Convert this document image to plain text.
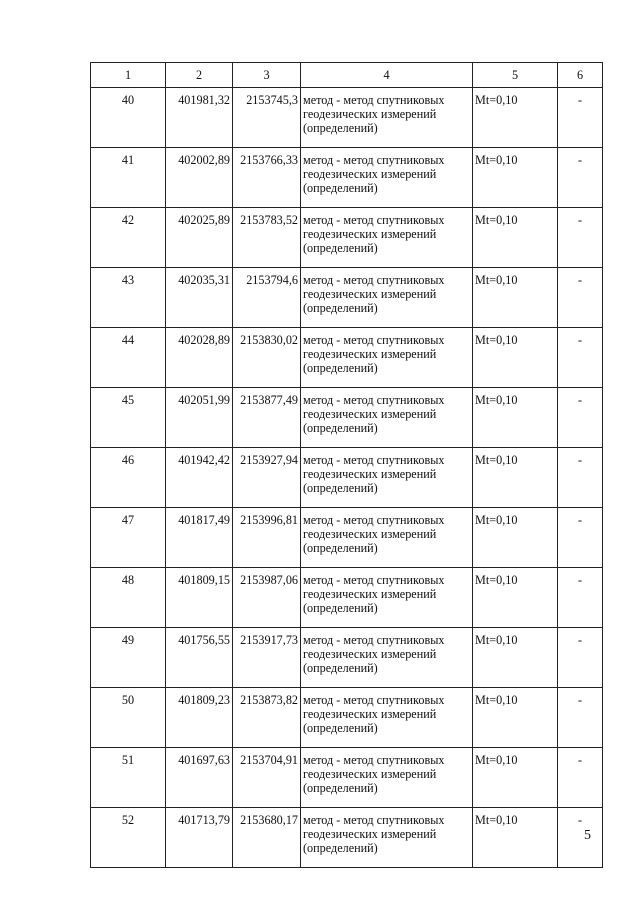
1	2	3	4	5	6
40	401981,32	2153745,3	метод - метод спутниковых геодезических измерений (определений)	Mt=0,10	-
41	402002,89	2153766,33	метод - метод спутниковых геодезических измерений (определений)	Mt=0,10	-
42	402025,89	2153783,52	метод - метод спутниковых геодезических измерений (определений)	Mt=0,10	-
43	402035,31	2153794,6	метод - метод спутниковых геодезических измерений (определений)	Mt=0,10	-
44	402028,89	2153830,02	метод - метод спутниковых геодезических измерений (определений)	Mt=0,10	-
45	402051,99	2153877,49	метод - метод спутниковых геодезических измерений (определений)	Mt=0,10	-
46	401942,42	2153927,94	метод - метод спутниковых геодезических измерений (определений)	Mt=0,10	-
47	401817,49	2153996,81	метод - метод спутниковых геодезических измерений (определений)	Mt=0,10	-
48	401809,15	2153987,06	метод - метод спутниковых геодезических измерений (определений)	Mt=0,10	-
49	401756,55	2153917,73	метод - метод спутниковых геодезических измерений (определений)	Mt=0,10	-
50	401809,23	2153873,82	метод - метод спутниковых геодезических измерений (определений)	Mt=0,10	-
51	401697,63	2153704,91	метод - метод спутниковых геодезических измерений (определений)	Mt=0,10	-
52	401713,79	2153680,17	метод - метод спутниковых геодезических измерений (определений)	Mt=0,10	-
5
